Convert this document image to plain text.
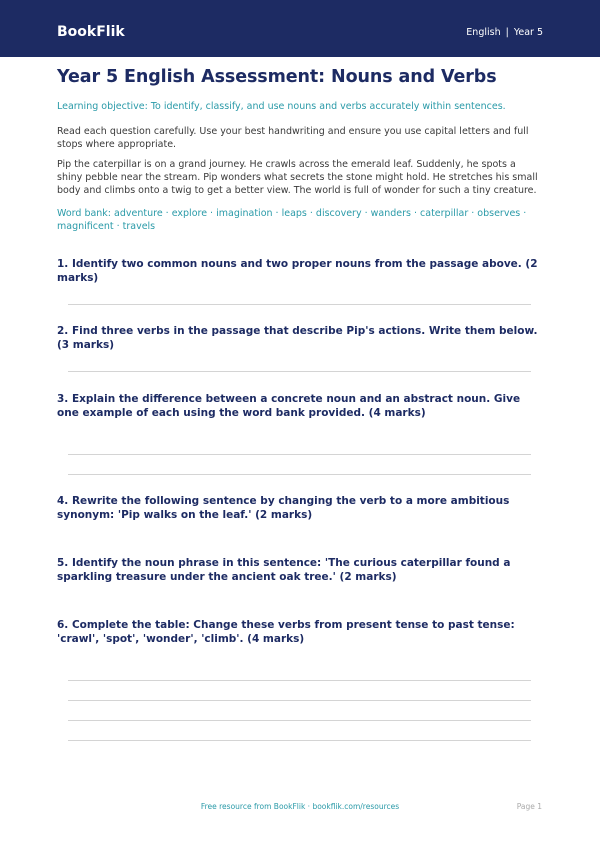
BookFlik	English | Year 5
Year 5 English Assessment: Nouns and Verbs
Learning objective: To identify, classify, and use nouns and verbs accurately within sentences.
Read each question carefully. Use your best handwriting and ensure you use capital letters and full stops where appropriate.
Pip the caterpillar is on a grand journey. He crawls across the emerald leaf. Suddenly, he spots a shiny pebble near the stream. Pip wonders what secrets the stone might hold. He stretches his small body and climbs onto a twig to get a better view. The world is full of wonder for such a tiny creature.
Word bank: adventure · explore · imagination · leaps · discovery · wanders · caterpillar · observes · magnificent · travels
1. Identify two common nouns and two proper nouns from the passage above. (2 marks)
2. Find three verbs in the passage that describe Pip's actions. Write them below. (3 marks)
3. Explain the difference between a concrete noun and an abstract noun. Give one example of each using the word bank provided. (4 marks)
4. Rewrite the following sentence by changing the verb to a more ambitious synonym: 'Pip walks on the leaf.' (2 marks)
5. Identify the noun phrase in this sentence: 'The curious caterpillar found a sparkling treasure under the ancient oak tree.' (2 marks)
6. Complete the table: Change these verbs from present tense to past tense: 'crawl', 'spot', 'wonder', 'climb'. (4 marks)
Free resource from BookFlik · bookflik.com/resources	Page 1
